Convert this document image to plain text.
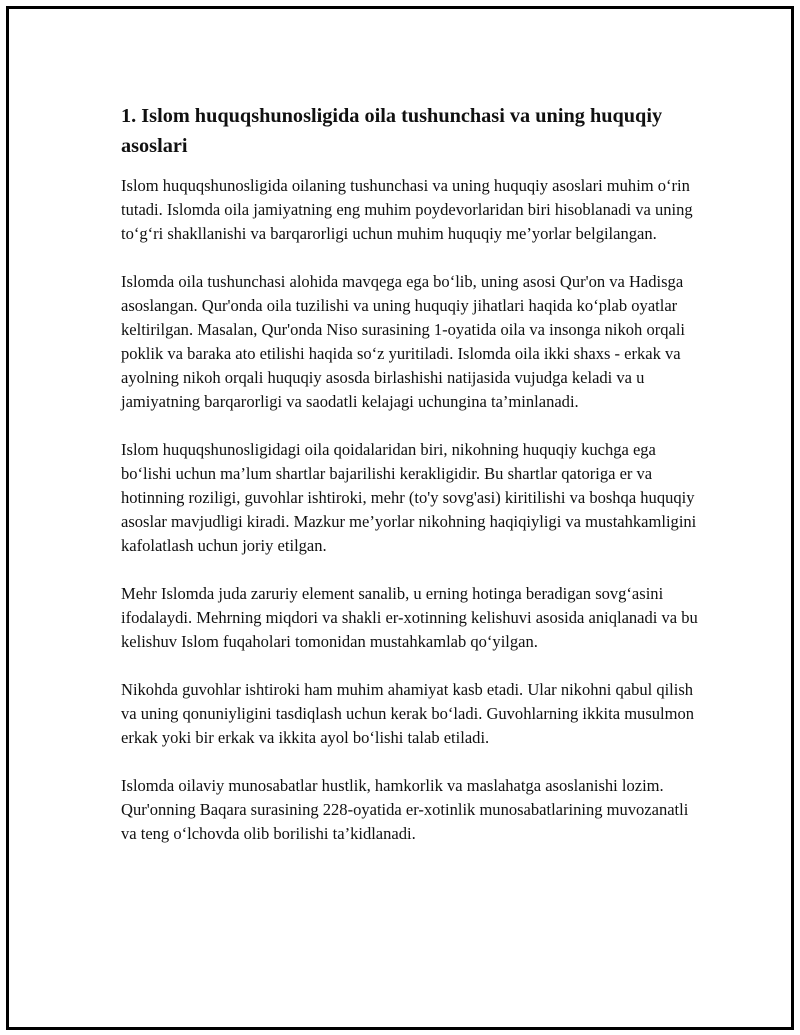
1. Islom huquqshunosligida oila tushunchasi va uning huquqiy asoslari

Islom huquqshunosligida oilaning tushunchasi va uning huquqiy asoslari muhim o‘rin tutadi. Islomda oila jamiyatning eng muhim poydevorlaridan biri hisoblanadi va uning to‘g‘ri shakllanishi va barqarorligi uchun muhim huquqiy me’yorlar belgilangan.

Islomda oila tushunchasi alohida mavqega ega bo‘lib, uning asosi Qur'on va Hadisga asoslangan. Qur'onda oila tuzilishi va uning huquqiy jihatlari haqida ko‘plab oyatlar keltirilgan. Masalan, Qur'onda Niso surasining 1-oyatida oila va insonga nikoh orqali poklik va baraka ato etilishi haqida so‘z yuritiladi. Islomda oila ikki shaxs - erkak va ayolning nikoh orqali huquqiy asosda birlashishi natijasida vujudga keladi va u jamiyatning barqarorligi va saodatli kelajagi uchungina ta’minlanadi.

Islom huquqshunosligidagi oila qoidalaridan biri, nikohning huquqiy kuchga ega bo‘lishi uchun ma’lum shartlar bajarilishi kerakligidir. Bu shartlar qatoriga er va hotinning roziligi, guvohlar ishtiroki, mehr (to'y sovg'asi) kiritilishi va boshqa huquqiy asoslar mavjudligi kiradi. Mazkur me’yorlar nikohning haqiqiyligi va mustahkamligini kafolatlash uchun joriy etilgan.

Mehr Islomda juda zaruriy element sanalib, u erning hotinga beradigan sovg‘asini ifodalaydi. Mehrning miqdori va shakli er-xotinning kelishuvi asosida aniqlanadi va bu kelishuv Islom fuqaholari tomonidan mustahkamlab qo‘yilgan.

Nikohda guvohlar ishtiroki ham muhim ahamiyat kasb etadi. Ular nikohni qabul qilish va uning qonuniyligini tasdiqlash uchun kerak bo‘ladi. Guvohlarning ikkita musulmon erkak yoki bir erkak va ikkita ayol bo‘lishi talab etiladi.

Islomda oilaviy munosabatlar hustlik, hamkorlik va maslahatga asoslanishi lozim. Qur'onning Baqara surasining 228-oyatida er-xotinlik munosabatlarining muvozanatli va teng o‘lchovda olib borilishi ta’kidlanadi.
